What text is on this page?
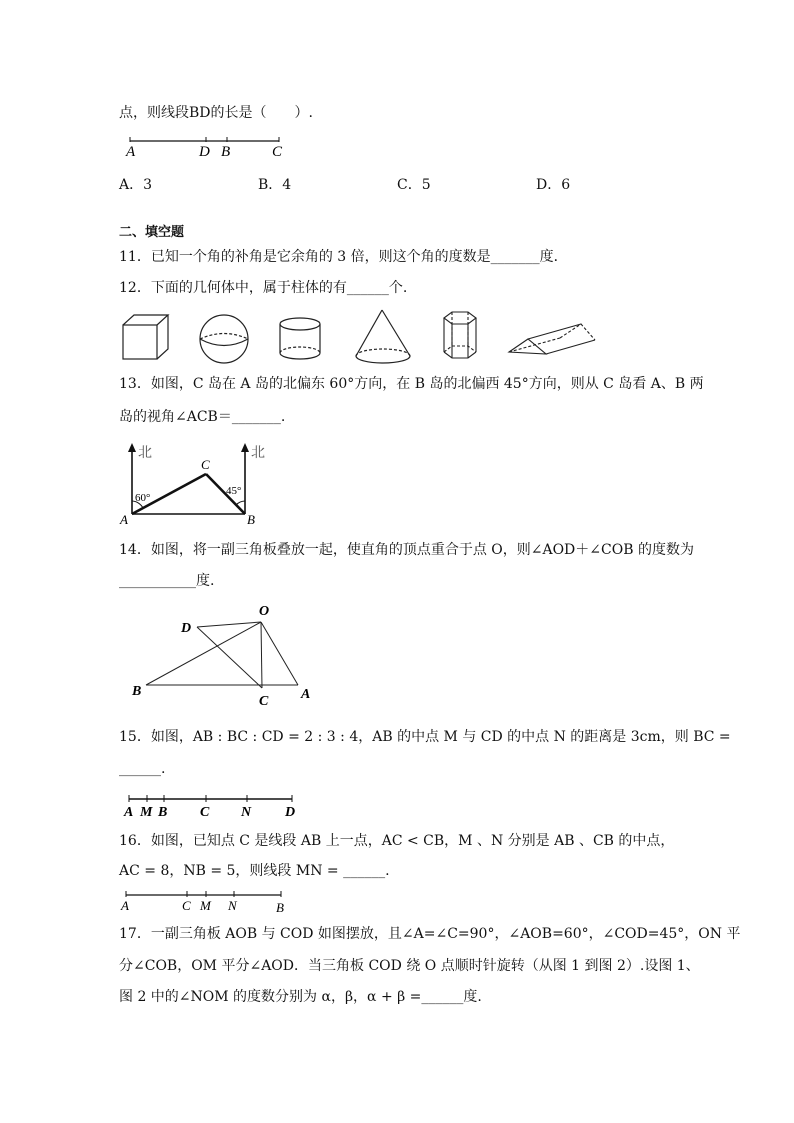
点，则线段BD的长是（　　）.
A	D B	C
A．3	B．4	C．5	D．6
二、填空题
11．已知一个角的补角是它余角的 3 倍，则这个角的度数是_______度．
12．下面的几何体中，属于柱体的有______个.
13．如图，C 岛在 A 岛的北偏东 60°方向，在 B 岛的北偏西 45°方向，则从 C 岛看 A、B 两
岛的视角∠ACB＝_______.
北	北
60°
45°
C
A	B
14．如图，将一副三角板叠放一起，使直角的顶点重合于点 O，则∠AOD＋∠COB 的度数为
___________度.
O
D
B
C A
15．如图，AB : BC : CD = 2 : 3 : 4，AB 的中点 M 与 CD 的中点 N 的距离是 3cm，则 BC =
______.
A M B C N D
16．如图，已知点 C 是线段 AB 上一点，AC < CB，M 、N 分别是 AB 、CB 的中点，
AC = 8，NB = 5，则线段 MN = ______.
A	C M N	B
17．一副三角板 AOB 与 COD 如图摆放，且∠A=∠C=90°，∠AOB=60°，∠COD=45°，ON 平
分∠COB，OM 平分∠AOD．当三角板 COD 绕 O 点顺时针旋转（从图 1 到图 2）.设图 1、
图 2 中的∠NOM 的度数分别为 α，β，α + β =______度.
